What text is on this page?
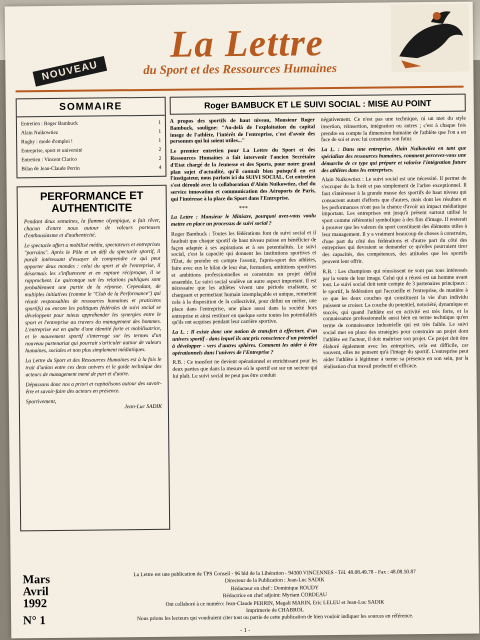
NOUVEAU
La Lettre
du Sport et des Ressources Humaines
SOMMAIRE
Entretien : Roger Bambuck	1
Alain Nuikowtiez	1
Rugby : mode d'emploi !	1
Entreprise, sport et université	2
Entretien : Vincent Clarico	2
Bilan de Jean-Claude Perrin	4
PERFORMANCE ET AUTHENTICITE

Pendant deux semaines, la flamme olympique, a fait rêver, chacun d'entre nous autour de valeurs porteuses d'enthousiasme et d'authenticité.

Le spectacle offert a mobilisé média, spectateurs et entreprises "parrains". Après le Pôle et un défi du spectacle sportif, il paraît intéressant d'essayer de comprendre ce qui peut apporter deux mondes : celui du sport et de l'entreprise, il désormais les s'influencent et en rapture réciproque, il se rapprochent. Le quiconque suit les relations publiques sont probablement une partie de la réponse. Cependant, de multiples initiatives (comme le "Club de la Performance") qui réunit responsables de ressources humaines et praticiens sportifs) ou encore les politiques fédérales de suivi social se développent pour mieux appréhender les synergies entre le sport et l'entreprise au travers du management des hommes. L'entreprise est en quête d'une identité forte et mobilisatrice, et le mouvement sportif s'interroge sur les termes d'un nouveau partenariat qui pourrait s'articuler autour de valeurs humaines, sociales et non plus simplement médiatiques.

La Lettre du Sport et des Ressources Humaines est à la fois le trait d'union entre ces deux univers et le guide technique des acteurs de management mené de part et d'autre.

Dépassons donc nos a priori et capitalisons autour des savoir-être et savoir-faire des acteurs en présence.

Sportivement,
Jean-Luc SADIK
Roger BAMBUCK ET LE SUIVI SOCIAL : MISE AU POINT

A propos des sportifs de haut niveau, Monsieur Roger Bambuck, souligne: "Au-delà de l'exploitation du capital image de l'athlète, l'intérêt de l'entreprise, c'est d'avoir des personnes qui lui soient utiles..."

Le premier entretien pour La Lettre du Sport et des Ressources Humaines a fait intervenir l'ancien Secrétaire d'Etat chargé de la Jeunesse et des Sports, pour notre grand plan sujet d'actualité, qu'il connaît bien puisqu'il en est l'instigateur, nous parlons ici du SUIVI SOCIAL. Cet entretien s'est déroulé avec la collaboration d'Alain Nuikowtiez, chef du service innovation et communication des Aéroports de Paris, qui l'intéresse à la place du Sport dans l'Entreprise.

***

La Lettre : Monsieur le Ministre, pourquoi avez-vous voulu mettre en place un processus de suivi social ?

Roger Bambuck : Toutes les fédérations font de suivi social et il faudrait que chaque sportif de haut niveau puisse en bénéficier de façon adaptée à ses aspirations et à ses potentialités. Le suivi social, c'est la capacité qui donnent les institutions sportives et l'État, de prendre en compte l'avenir, l'après-sport des athlètes, faire avec eux le bilan de leur état, formation, ambitions sportives et ambitions professionnelles et construire un projet défini ensemble. Le suivi social soulève un autre aspect important. Il est nécessaire que les athlètes vivent une période exaltante, se chargeant et permettant humain irremplaçable et unique, remettent cela à la disposition de la collectivité, pour défini un métier, une place dans l'entreprise, une place aussi dans la société hors entreprise et ainsi restituer en quelque sorte toutes les potentialités qu'ils ont acquises pendant leur carrière sportive.

La L. : Il existe donc une notion de transfert à effectuer, d'un univers sportif - dans lequel ils ont pris conscience d'un potentiel à développer - vers d'autres sphères. Comment les aider à être opérationnels dans l'univers de l'Entreprise ?

R.B. : Ce transfert ne devient opérationnel et enrichissant pour les deux parties que dans la mesure où le sportif est sur un secteur qui lui plaît. Le suivi social ne peut pas être conduit

négativement. Ce n'est pas une technique, ni un mot du style insertion, réinsertion, intégration ou autres ; c'est à chaque fois prendre en compte la dimension humaine de l'athlète que l'on a en face de soi et avec lui construire son futur.

La L. : Dans une entreprise, Alain Nuikowtiez en tant que spécialiste des ressources humaines, comment percevez-vous une démarche de ce type qui prépare et valorise l'intégration future des athlètes dans les entreprises.

Alain Nuikowtiez : Le suivi social est une nécessité. Il permet de s'occuper de la forêt et pas simplement de l'arbre exceptionnel. Il faut s'intéresser à la grande masse des sportifs de haut niveau qui consacrent autant d'efforts que d'autres, mais dont les résultats et les performances n'ont pas la chance d'avoir un impact médiatique important. Les entreprises ont jusqu'à présent surtout utilisé le sport comme référentiel symbolique à des fins d'image. Il resterait à prouver que les valeurs du sport constituent des éléments utiles à leur management. Il y a vraiment beaucoup de choses à construire, d'une part du côté des fédérations et d'autre part du côté des entreprises qui devraient se demander ce qu'elles pourraient tirer des capacités, des compétences, des attitudes que les sportifs peuvent leur offrir.

R.B. : Les champions qui réussissent ne sont pas tous intéressés par la vente de leur image. Celui qui a réussi est un homme avant tout. Le suivi social doit tenir compte de 3 partenaires principaux : le sportif, la fédération qui l'accueille et l'entreprise, de manière à ce que les deux couches qui constituent la vie d'un individu puissent se croiser. La couche du potentiel, notoriété, dynamique et succès, qui quand l'athlète est en activité est très forte, et la connaissance professionnelle aussi bien en terme technique qu'en terme de connaissance industrielle qui est très faible. Le suivi social met en place des stratégies pour construire un projet dont l'athlète est l'acteur, il doit maîtriser son projet. Ce projet doit être élaboré également avec les entreprises, cela est difficile, car souvent, elles ne pensent qu'à l'image du sportif. L'entreprise peut aider l'athlète à légitimer à terme sa présence en son sein, par la réalisation d'un travail productif et efficace.

Mars
Avril
1992
N° 1
La Lettre est une publication de TPS Conseil - 96 bld de la Libération - 94300 VINCENNES - Tél. 48.08.49.78 - Fax : 48.08.50.87
Directeur de la Publication : Jean-Luc SADIK
Rédacteur en chef : Dominique ROUDY
Rédactrice en chef adjoint: Myriam CORDEAU
Ont collaboré à ce numéro: Jean-Claude PERRIN, Magali MARIN, Eric LELEU et Jean-Luc SADIK
Imprimerie de CHABROL
Nous prions les lecteurs qui voudraient citer tout ou partie de cette publication de bien vouloir indiquer les sources en référence.
- 1 -
